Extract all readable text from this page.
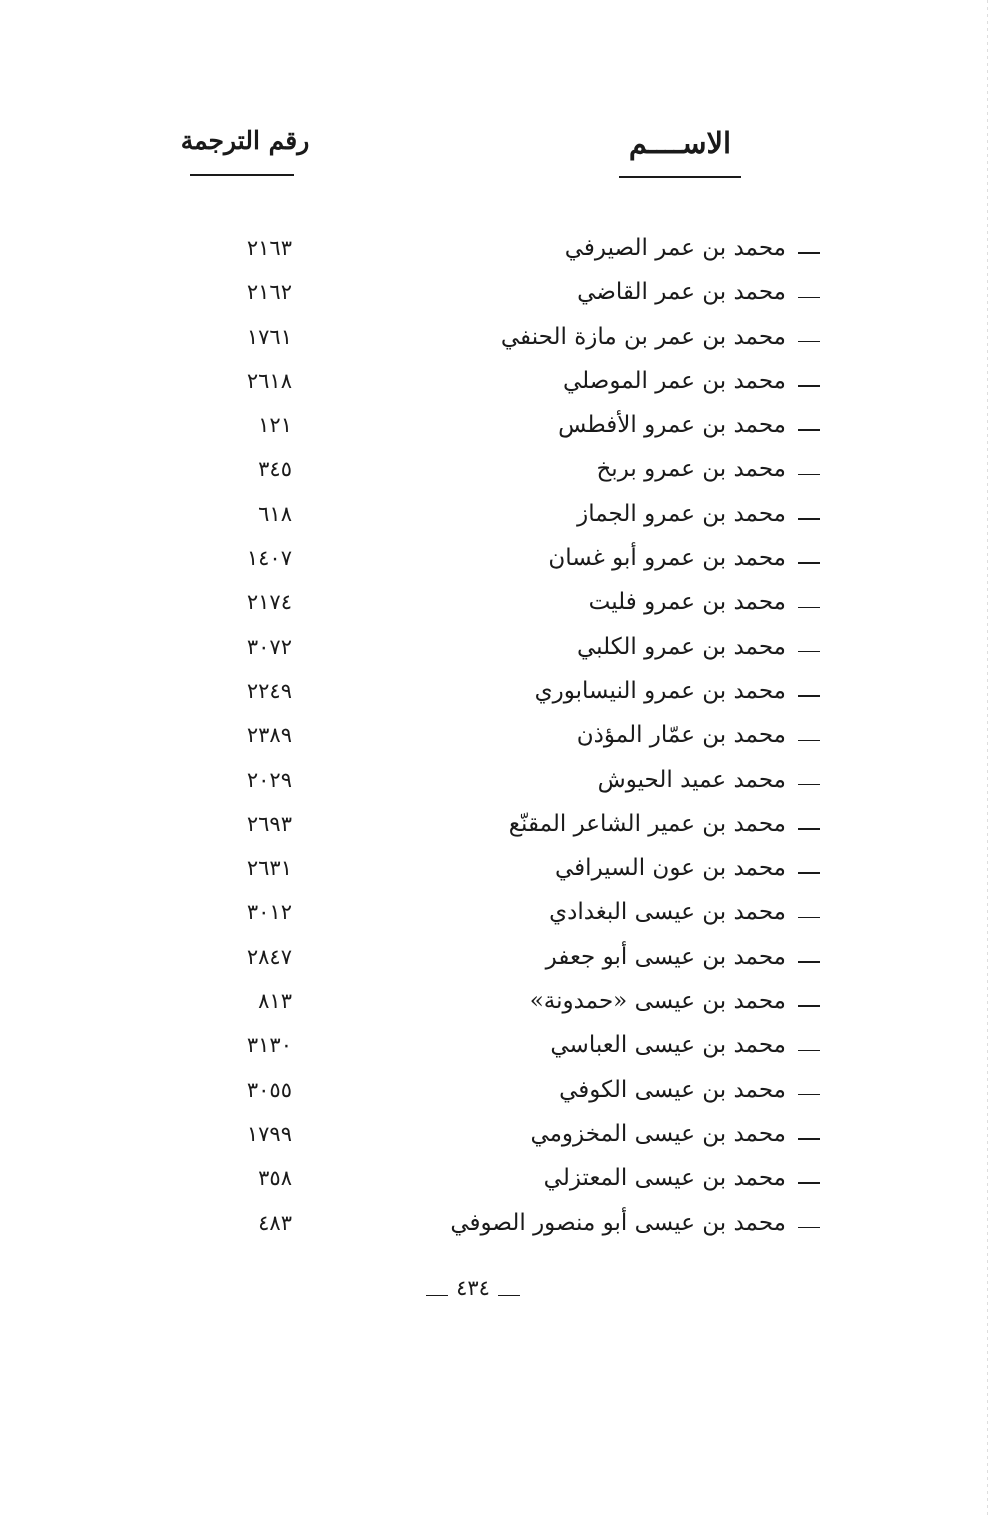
الاســــم
رقم الترجمة
محمد بن عمر الصيرفي
٢١٦٣
محمد بن عمر القاضي
٢١٦٢
محمد بن عمر بن مازة الحنفي
١٧٦١
محمد بن عمر الموصلي
٢٦١٨
محمد بن عمرو الأفطس
١٢١
محمد بن عمرو بربخ
٣٤٥
محمد بن عمرو الجماز
٦١٨
محمد بن عمرو أبو غسان
١٤٠٧
محمد بن عمرو فليت
٢١٧٤
محمد بن عمرو الكلبي
٣٠٧٢
محمد بن عمرو النيسابوري
٢٢٤٩
محمد بن عمّار المؤذن
٢٣٨٩
محمد عميد الحيوش
٢٠٢٩
محمد بن عمير الشاعر المقنّع
٢٦٩٣
محمد بن عون السيرافي
٢٦٣١
محمد بن عيسى البغدادي
٣٠١٢
محمد بن عيسى أبو جعفر
٢٨٤٧
محمد بن عيسى «حمدونة»
٨١٣
محمد بن عيسى العباسي
٣١٣٠
محمد بن عيسى الكوفي
٣٠٥٥
محمد بن عيسى المخزومي
١٧٩٩
محمد بن عيسى المعتزلي
٣٥٨
محمد بن عيسى أبو منصور الصوفي
٤٨٣
٤٣٤
